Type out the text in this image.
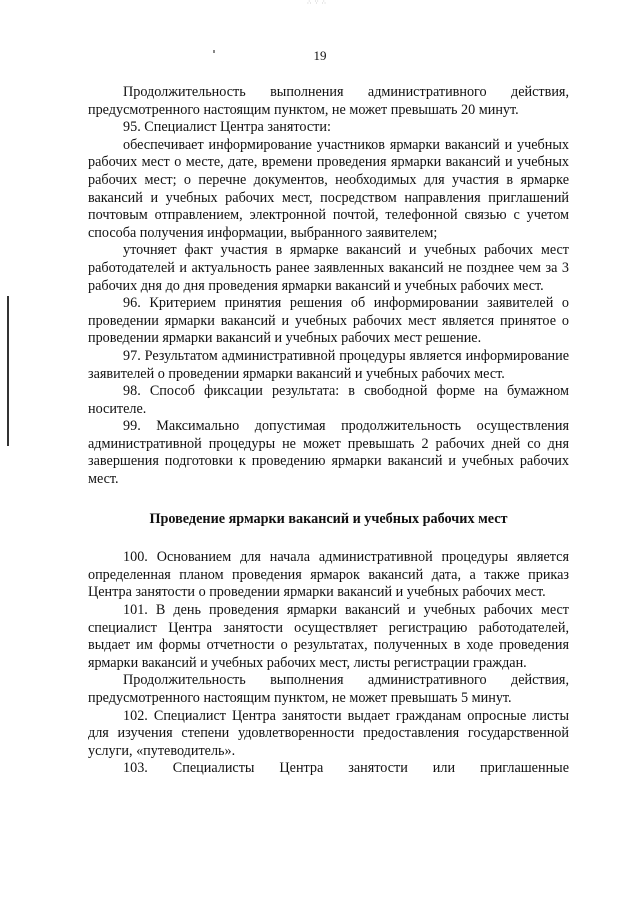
∴ ∵ ∴
19

Продолжительность выполнения административного действия, предусмотренного настоящим пунктом, не может превышать 20 минут.

95. Специалист Центра занятости:

обеспечивает информирование участников ярмарки вакансий и учебных рабочих мест о месте, дате, времени проведения ярмарки вакансий и учебных рабочих мест; о перечне документов, необходимых для участия в ярмарке вакансий и учебных рабочих мест, посредством направления приглашений почтовым отправлением, электронной почтой, телефонной связью с учетом способа получения информации, выбранного заявителем;

уточняет факт участия в ярмарке вакансий и учебных рабочих мест работодателей и актуальность ранее заявленных вакансий не позднее чем за 3 рабочих дня до дня проведения ярмарки вакансий и учебных рабочих мест.

96. Критерием принятия решения об информировании заявителей о проведении ярмарки вакансий и учебных рабочих мест является принятое о проведении ярмарки вакансий и учебных рабочих мест решение.

97. Результатом административной процедуры является информирование заявителей о проведении ярмарки вакансий и учебных рабочих мест.

98. Способ фиксации результата: в свободной форме на бумажном носителе.

99. Максимально допустимая продолжительность осуществления административной процедуры не может превышать 2 рабочих дней со дня завершения подготовки к проведению ярмарки вакансий и учебных рабочих мест.

Проведение ярмарки вакансий и учебных рабочих мест

100. Основанием для начала административной процедуры является определенная планом проведения ярмарок вакансий дата, а также приказ Центра занятости о проведении ярмарки вакансий и учебных рабочих мест.

101. В день проведения ярмарки вакансий и учебных рабочих мест специалист Центра занятости осуществляет регистрацию работодателей, выдает им формы отчетности о результатах, полученных в ходе проведения ярмарки вакансий и учебных рабочих мест, листы регистрации граждан.

Продолжительность выполнения административного действия, предусмотренного настоящим пунктом, не может превышать 5 минут.

102. Специалист Центра занятости выдает гражданам опросные листы для изучения степени удовлетворенности предоставления государственной услуги, «путеводитель».

103. Специалисты Центра занятости или приглашенные
